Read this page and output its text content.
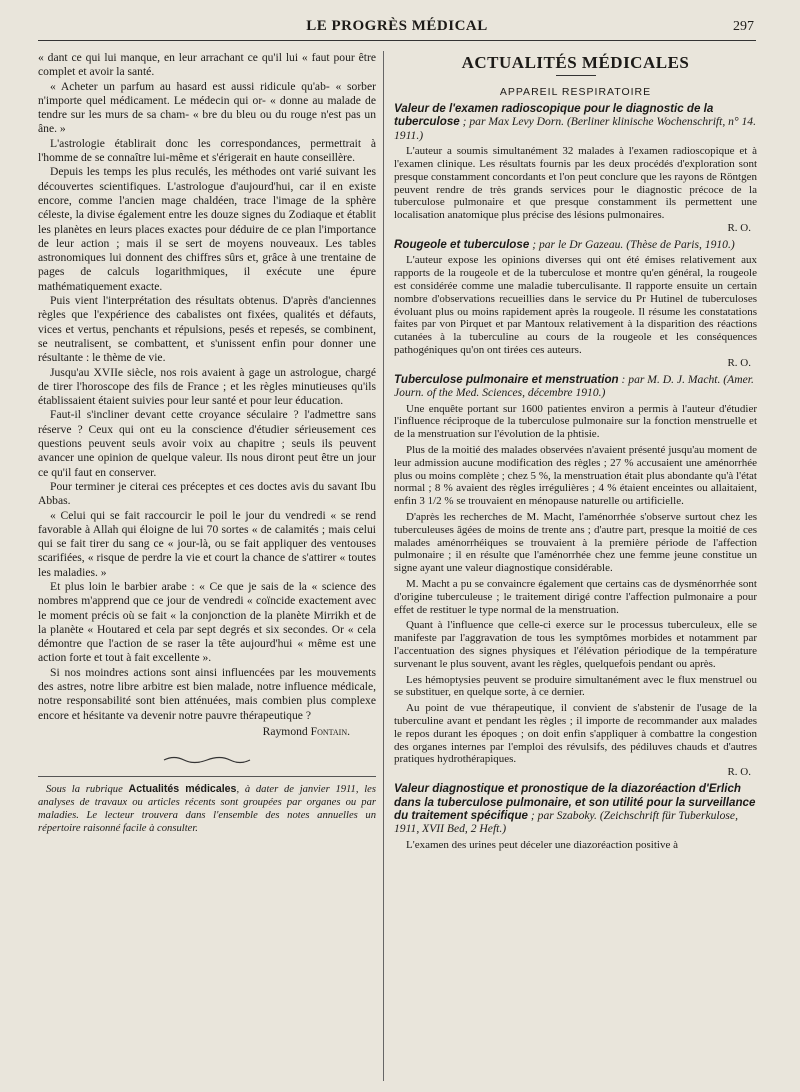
LE PROGRÈS MÉDICAL	297

« dant ce qui lui manque, en leur arrachant ce qu'il lui « faut pour être complet et avoir la santé.

« Acheter un parfum au hasard est aussi ridicule qu'ab- « sorber n'importe quel médicament. Le médecin qui or- « donne au malade de tendre sur les murs de sa cham- « bre du bleu ou du rouge n'est pas un âne. »

L'astrologie établirait donc les correspondances, permettrait à l'homme de se connaître lui-même et s'érigerait en haute conseillère.

Depuis les temps les plus reculés, les méthodes ont varié suivant les découvertes scientifiques. L'astrologue d'aujourd'hui, car il en existe encore, comme l'ancien mage chaldéen, trace l'image de la sphère céleste, la divise également entre les douze signes du Zodiaque et établit les planètes en leurs places exactes pour déduire de ce plan l'importance de leur action ; mais il se sert de moyens nouveaux. Les tables astronomiques lui donnent des chiffres sûrs et, grâce à une trentaine de pages de calculs logarithmiques, il exécute une épure mathématiquement exacte.

Puis vient l'interprétation des résultats obtenus. D'après d'anciennes règles que l'expérience des cabalistes ont fixées, qualités et défauts, vices et vertus, penchants et répulsions, pesés et repesés, se combinent, se neutralisent, se combattent, et s'unissent enfin pour donner une résultante : le thème de vie.

Jusqu'au XVIIe siècle, nos rois avaient à gage un astrologue, chargé de tirer l'horoscope des fils de France ; et les règles minutieuses qu'ils établissaient étaient suivies pour leur santé et pour leur éducation.

Faut-il s'incliner devant cette croyance séculaire ? l'admettre sans réserve ? Ceux qui ont eu la conscience d'étudier sérieusement ces questions peuvent seuls avoir voix au chapitre ; seuls ils peuvent avancer une opinion de quelque valeur. Ils nous diront peut être un jour ce qu'il faut en conserver.

Pour terminer je citerai ces préceptes et ces doctes avis du savant Ibu Abbas.

« Celui qui se fait raccourcir le poil le jour du vendredi « se rend favorable à Allah qui éloigne de lui 70 sortes « de calamités ; mais celui qui se fait tirer du sang ce « jour-là, ou se fait appliquer des ventouses scarifiées, « risque de perdre la vie et court la chance de s'attirer « toutes les maladies. »

Et plus loin le barbier arabe : « Ce que je sais de la « science des nombres m'apprend que ce jour de vendredi « coïncide exactement avec le moment précis où se fait « la conjonction de la planète Mirrikh et de la planète « Houtared et cela par sept degrés et six secondes. Or « cela démontre que l'action de se raser la tête aujourd'hui « même est une action forte et tout à fait excellente ».

Si nos moindres actions sont ainsi influencées par les mouvements des astres, notre libre arbitre est bien malade, notre influence médicale, notre responsabilité sont bien atténuées, mais combien plus complexe encore et hésitante va devenir notre pauvre thérapeutique ?

Raymond Fontain.

Sous la rubrique Actualités médicales, à dater de janvier 1911, les analyses de travaux ou articles récents sont groupées par organes ou par maladies. Le lecteur trouvera dans l'ensemble des notes annuelles un répertoire raisonné facile à consulter.

ACTUALITÉS MÉDICALES
APPAREIL RESPIRATOIRE
Valeur de l'examen radioscopique pour le diagnostic de la tuberculose ; par Max Levy Dorn. (Berliner klinische Wochenschrift, n° 14. 1911.)

L'auteur a soumis simultanément 32 malades à l'examen radioscopique et à l'examen clinique. Les résultats fournis par les deux procédés d'exploration sont presque constamment concordants et l'on peut conclure que les rayons de Röntgen peuvent rendre de très grands services pour le diagnostic précoce de la tuberculose pulmonaire et que presque constamment ils permettent une localisation anatomique plus précise des lésions pulmonaires.

R. O.

Rougeole et tuberculose ; par le Dr Gazeau. (Thèse de Paris, 1910.)

L'auteur expose les opinions diverses qui ont été émises relativement aux rapports de la rougeole et de la tuberculose et montre qu'en général, la rougeole est considérée comme une maladie tuberculisante. Il rapporte ensuite un certain nombre d'observations recueillies dans le service du Pr Hutinel de tuberculoses évoluant plus ou moins rapidement après la rougeole. Il résume les constatations faites par von Pirquet et par Mantoux relativement à la disparition des réactions cutanées à la tuberculine au cours de la rougeole et les conséquences pathogéniques qu'on ont tirées ces auteurs.

R. O.

Tuberculose pulmonaire et menstruation : par M. D. J. Macht. (Amer. Journ. of the Med. Sciences, décembre 1910.)

Une enquête portant sur 1600 patientes environ a permis à l'auteur d'étudier l'influence réciproque de la tuberculose pulmonaire sur la fonction menstruelle et de la menstruation sur l'évolution de la phtisie.

Plus de la moitié des malades observées n'avaient présenté jusqu'au moment de leur admission aucune modification des règles ; 27 % accusaient une aménorrhée plus ou moins complète ; chez 5 %, la menstruation était plus abondante qu'à l'état normal ; 8 % avaient des règles irrégulières ; 4 % étaient enceintes ou allaitaient, enfin 3 1/2 % se trouvaient en ménopause naturelle ou artificielle.

D'après les recherches de M. Macht, l'aménorrhée s'observe surtout chez les tuberculeuses âgées de moins de trente ans ; d'autre part, presque la moitié de ces malades aménorrhéiques se trouvaient à la première période de l'affection pulmonaire ; il en résulte que l'aménorrhée chez une femme jeune constitue un signe ayant une valeur diagnostique considérable.

M. Macht a pu se convaincre également que certains cas de dysménorrhée sont d'origine tuberculeuse ; le traitement dirigé contre l'affection pulmonaire a pour effet de restituer le type normal de la menstruation.

Quant à l'influence que celle-ci exerce sur le processus tuberculeux, elle se manifeste par l'aggravation de tous les symptômes morbides et notamment par l'accentuation des signes physiques et l'élévation périodique de la température survenant le plus souvent, avant les règles, quelquefois pendant ou après.

Les hémoptysies peuvent se produire simultanément avec le flux menstruel ou se substituer, en quelque sorte, à ce dernier.

Au point de vue thérapeutique, il convient de s'abstenir de l'usage de la tuberculine avant et pendant les règles ; il importe de recommander aux malades le repos durant les époques ; on doit enfin s'appliquer à combattre la congestion des organes internes par l'emploi des révulsifs, des pédiluves chauds et d'autres pratiques hydrothérapiques.

R. O.

Valeur diagnostique et pronostique de la diazoréaction d'Erlich dans la tuberculose pulmonaire, et son utilité pour la surveillance du traitement spécifique ; par Szaboky. (Zeichschrift für Tuberkulose, 1911, XVII Bed, 2 Heft.)

L'examen des urines peut déceler une diazoréaction positive à
